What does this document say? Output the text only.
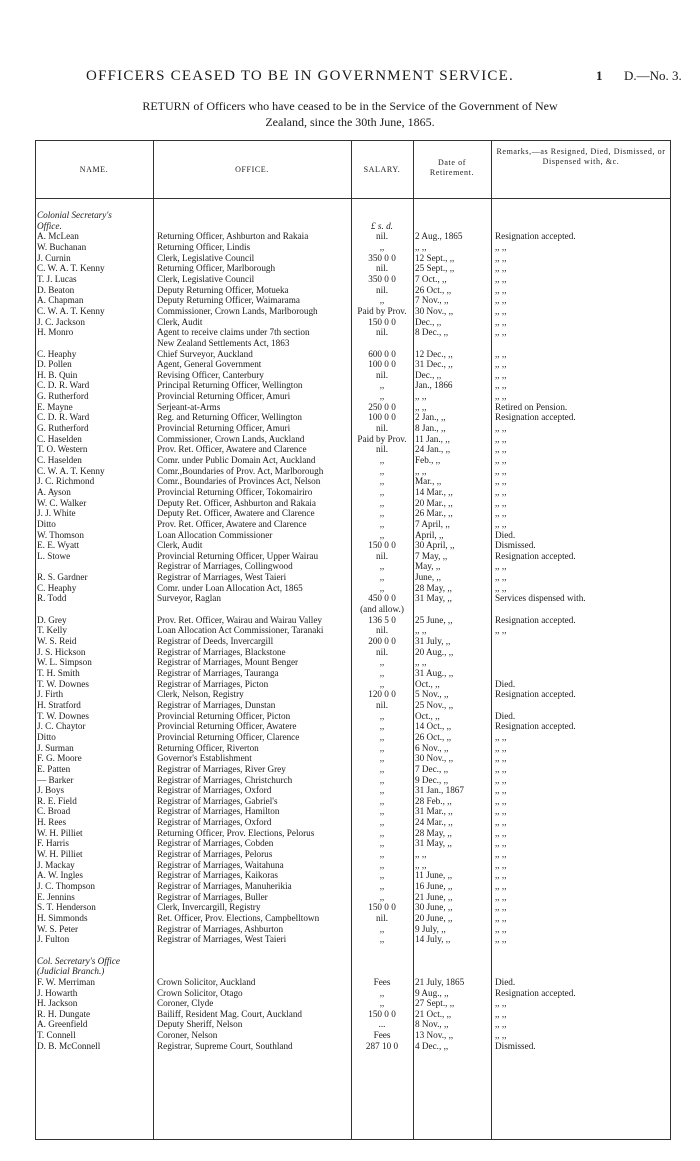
OFFICERS CEASED TO BE IN GOVERNMENT SERVICE.	1 D.—No. 3.
RETURN of Officers who have ceased to be in the Service of the Government of New
Zealand, since the 30th June, 1865.
NAME.	OFFICE.	SALARY.
Date of Retirement.
Remarks,—as Resigned, Died, Dismissed, or Dispensed with, &c.
Colonial Secretary's
Office.	£ s. d.
A. McLean	Returning Officer, Ashburton and Rakaia	nil.	2 Aug., 1865	Resignation accepted.
W. Buchanan	Returning Officer, Lindis	,,	,, ,,	,, ,,
J. Curnin	Clerk, Legislative Council	350 0 0	12 Sept., ,,	,, ,,
C. W. A. T. Kenny	Returning Officer, Marlborough	nil.	25 Sept., ,,	,, ,,
T. J. Lucas	Clerk, Legislative Council	350 0 0	7 Oct., ,,	,, ,,
D. Beaton	Deputy Returning Officer, Motueka	nil.	26 Oct., ,,	,, ,,
A. Chapman	Deputy Returning Officer, Waimarama	,,	7 Nov., ,,	,, ,,
C. W. A. T. Kenny	Commissioner, Crown Lands, Marlborough	Paid by Prov. 30 Nov., ,,	,, ,,
J. C. Jackson	Clerk, Audit	150 0 0	Dec., ,,	,, ,,
H. Monro	Agent to receive claims under 7th section	nil.	8 Dec., ,,	,, ,,
New Zealand Settlements Act, 1863
C. Heaphy	Chief Surveyor, Auckland	600 0 0	12 Dec., ,,	,, ,,
D. Pollen	Agent, General Government	100 0 0	31 Dec., ,,	,, ,,
H. B. Quin	Revising Officer, Canterbury	nil.	Dec., ,,	,, ,,
C. D. R. Ward	Principal Returning Officer, Wellington	,,	Jan., 1866	,, ,,
G. Rutherford	Provincial Returning Officer, Amuri	,,	,, ,,	,, ,,
E. Mayne	Serjeant-at-Arms	250 0 0	,, ,,	Retired on Pension.
C. D. R. Ward	Reg. and Returning Officer, Wellington	100 0 0	2 Jan., ,,	Resignation accepted.
G. Rutherford	Provincial Returning Officer, Amuri	nil.	8 Jan., ,,	,, ,,
C. Haselden	Commissioner, Crown Lands, Auckland	Paid by Prov. 11 Jan., ,,	,, ,,
T. O. Western	Prov. Ret. Officer, Awatere and Clarence	nil.	24 Jan., ,,	,, ,,
C. Haselden	Comr. under Public Domain Act, Auckland	,,	Feb., ,,	,, ,,
C. W. A. T. Kenny	Comr.,Boundaries of Prov. Act, Marlborough	,,	,, ,,	,, ,,
J. C. Richmond	Comr., Boundaries of Provinces Act, Nelson	,,	Mar., ,,	,, ,,
A. Ayson	Provincial Returning Officer, Tokomairiro	,,	14 Mar., ,,	,, ,,
W. C. Walker	Deputy Ret. Officer, Ashburton and Rakaia	,,	20 Mar., ,,	,, ,,
J. J. White	Deputy Ret. Officer, Awatere and Clarence	,,	26 Mar., ,,	,, ,,
Ditto	Prov. Ret. Officer, Awatere and Clarence	,,	7 April, ,,	,, ,,
W. Thomson	Loan Allocation Commissioner	,,	April, ,,	Died.
E. E. Wyatt	Clerk, Audit	150 0 0	30 April, ,,	Dismissed.
L. Stowe	Provincial Returning Officer, Upper Wairau	nil.	7 May, ,,	Resignation accepted.
Registrar of Marriages, Collingwood	,,	May, ,,	,, ,,
R. S. Gardner	Registrar of Marriages, West Taieri	,,	June, ,,	,, ,,
C. Heaphy	Comr. under Loan Allocation Act, 1865	,,	28 May, ,,	,, ,,
R. Todd	Surveyor, Raglan	450 0 0	31 May, ,,	Services dispensed with.
(and allow.)
D. Grey	Prov. Ret. Officer, Wairau and Wairau Valley	136 5 0	25 June, ,,	Resignation accepted.
T. Kelly	Loan Allocation Act Commissioner, Taranaki	nil.	,, ,,	,, ,,
W. S. Reid	Registrar of Deeds, Invercargill	200 0 0	31 July, ,,
J. S. Hickson	Registrar of Marriages, Blackstone	nil.	20 Aug., ,,
W. L. Simpson	Registrar of Marriages, Mount Benger	,,	,, ,,
T. H. Smith	Registrar of Marriages, Tauranga	,,	31 Aug., ,,
T. W. Downes	Registrar of Marriages, Picton	,,	Oct., ,,	Died.
J. Firth	Clerk, Nelson, Registry	120 0 0	5 Nov., ,,	Resignation accepted.
H. Stratford	Registrar of Marriages, Dunstan	nil.	25 Nov., ,,
T. W. Downes	Provincial Returning Officer, Picton	,,	Oct., ,,	Died.
J. C. Chaytor	Provincial Returning Officer, Awatere	,,	14 Oct., ,,	Resignation accepted.
Ditto	Provincial Returning Officer, Clarence	,,	26 Oct., ,,	,, ,,
J. Surman	Returning Officer, Riverton	,,	6 Nov., ,,	,, ,,
F. G. Moore	Governor's Establishment	,,	30 Nov., ,,	,, ,,
E. Patten	Registrar of Marriages, River Grey	,,	7 Dec., ,,	,, ,,
— Barker	Registrar of Marriages, Christchurch	,,	9 Dec., ,,	,, ,,
J. Boys	Registrar of Marriages, Oxford	,,	31 Jan., 1867	,, ,,
R. E. Field	Registrar of Marriages, Gabriel's	,,	28 Feb., ,,	,, ,,
C. Broad	Registrar of Marriages, Hamilton	,,	31 Mar., ,,	,, ,,
H. Rees	Registrar of Marriages, Oxford	,,	24 Mar., ,,	,, ,,
W. H. Pilliet	Returning Officer, Prov. Elections, Pelorus	,,	28 May, ,,	,, ,,
F. Harris	Registrar of Marriages, Cobden	,,	31 May, ,,	,, ,,
W. H. Pilliet	Registrar of Marriages, Pelorus	,,	,, ,,	,, ,,
J. Mackay	Registrar of Marriages, Waitahuna	,,	,, ,,	,, ,,
A. W. Ingles	Registrar of Marriages, Kaikoras	,,	11 June, ,,	,, ,,
J. C. Thompson	Registrar of Marriages, Manuherikia	,,	16 June, ,,	,, ,,
E. Jennins	Registrar of Marriages, Buller	,,	21 June, ,,	,, ,,
S. T. Henderson	Clerk, Invercargill, Registry	150 0 0	30 June, ,,	,, ,,
H. Simmonds	Ret. Officer, Prov. Elections, Campbelltown	nil.	20 June, ,,	,, ,,
W. S. Peter	Registrar of Marriages, Ashburton	,,	9 July, ,,	,, ,,
J. Fulton	Registrar of Marriages, West Taieri	,,	14 July, ,,	,, ,,
Col. Secretary's Office
(Judicial Branch.)
F. W. Merriman	Crown Solicitor, Auckland	Fees	21 July, 1865	Died.
J. Howarth	Crown Solicitor, Otago	,,	9 Aug., ,,	Resignation accepted.
H. Jackson	Coroner, Clyde	,,	27 Sept., ,,	,, ,,
R. H. Dungate	Bailiff, Resident Mag. Court, Auckland	150 0 0	21 Oct., ,,	,, ,,
A. Greenfield	Deputy Sheriff, Nelson	...	8 Nov., ,,	,, ,,
T. Connell	Coroner, Nelson	Fees	13 Nov., ,,	,, ,,
D. B. McConnell	Registrar, Supreme Court, Southland	287 10 0	4 Dec., ,,	Dismissed.
